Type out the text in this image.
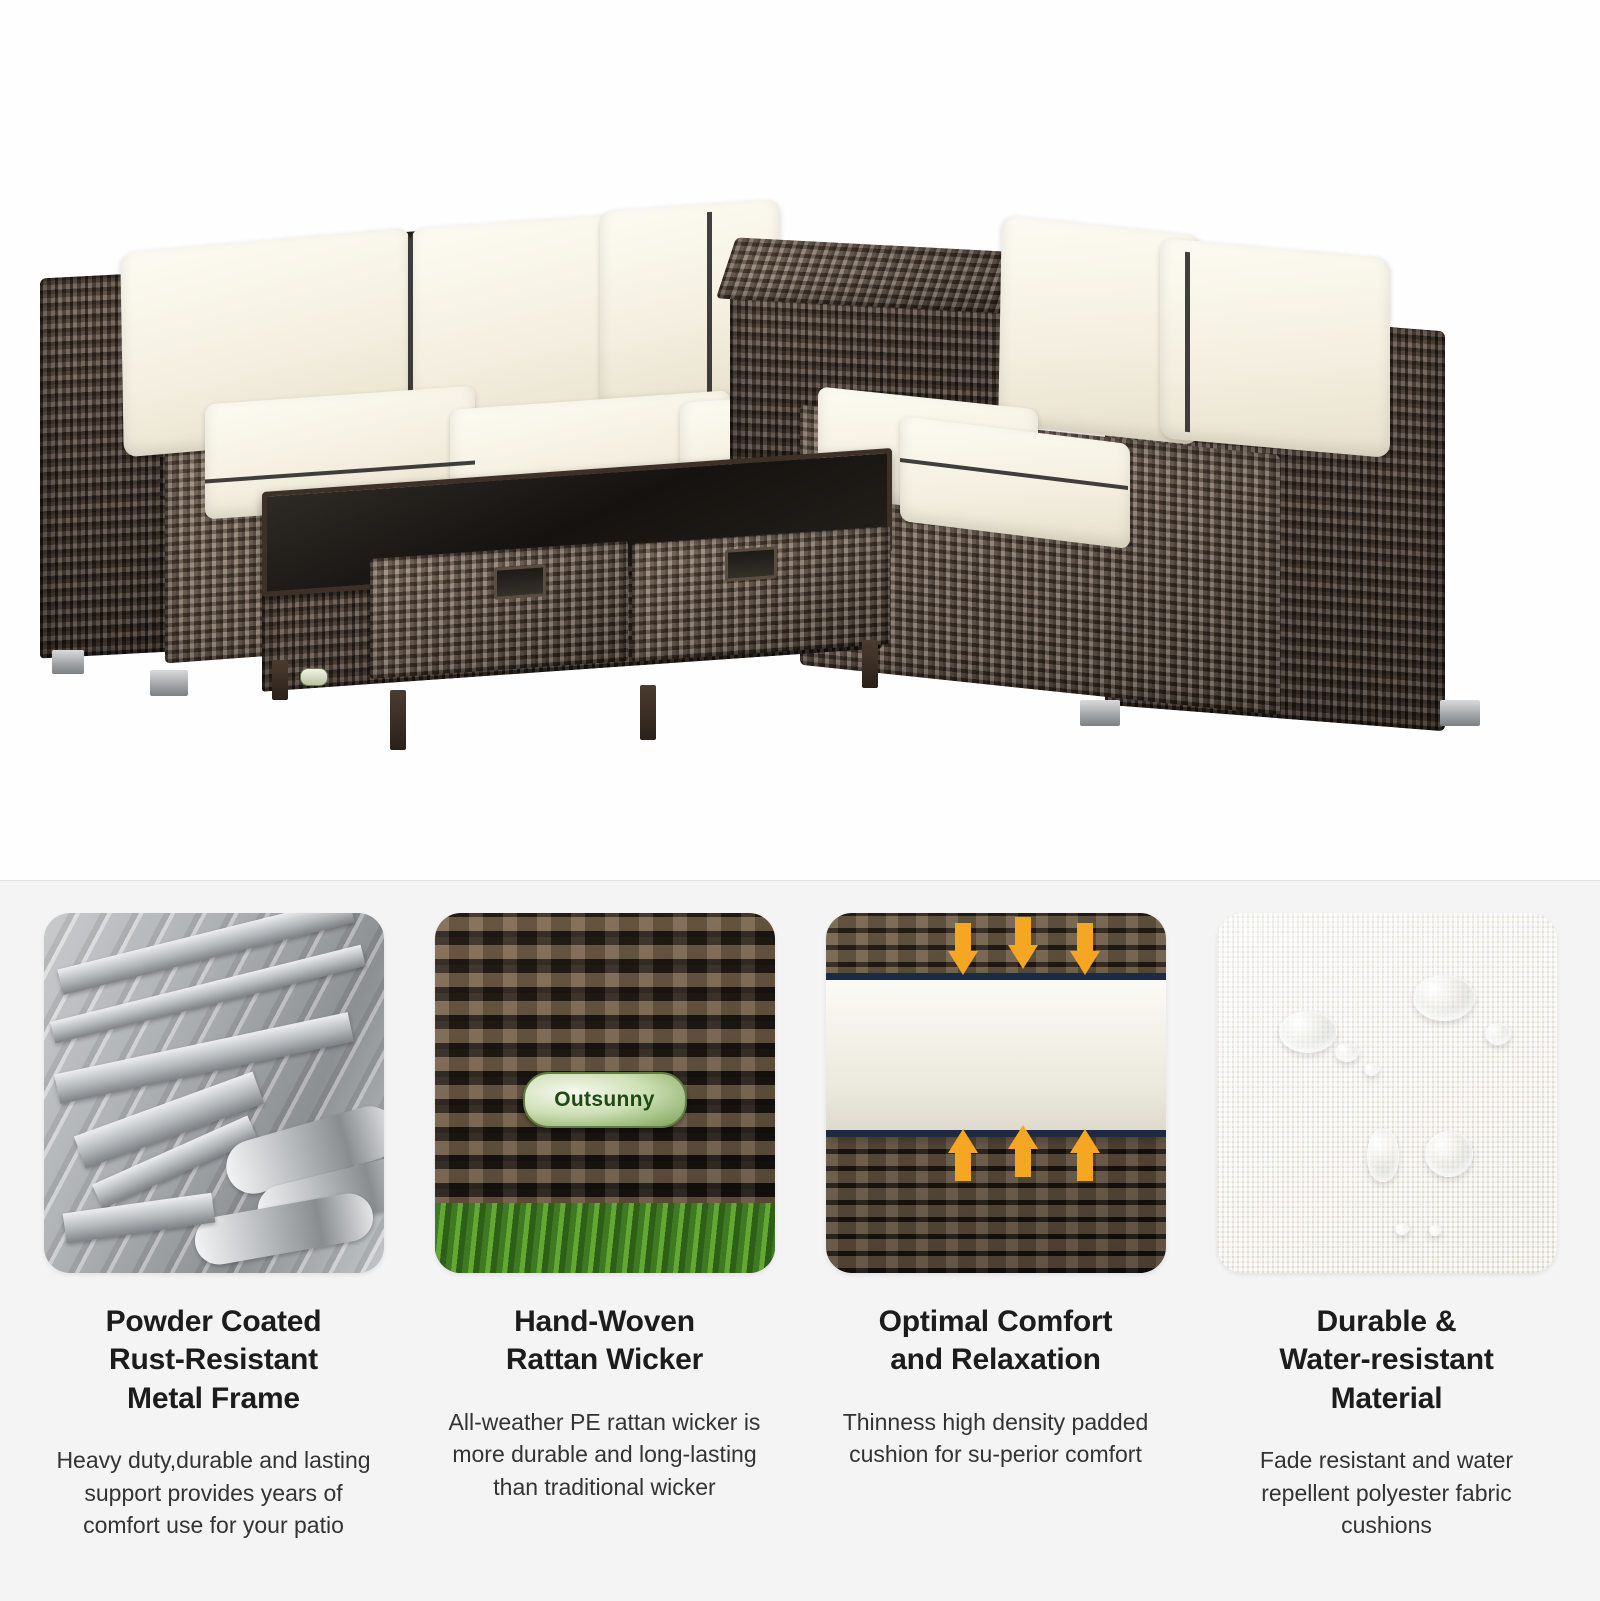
Powder Coated
Rust-Resistant
Metal Frame
Heavy duty,durable and lasting support provides years of comfort use for your patio
Outsunny
Hand-Woven
Rattan Wicker
All-weather PE rattan wicker is more durable and long-lasting than traditional wicker
Optimal Comfort
and Relaxation
Thinness high density padded cushion for su-perior comfort
Durable &
Water-resistant
Material
Fade resistant and water repellent polyester fabric cushions
